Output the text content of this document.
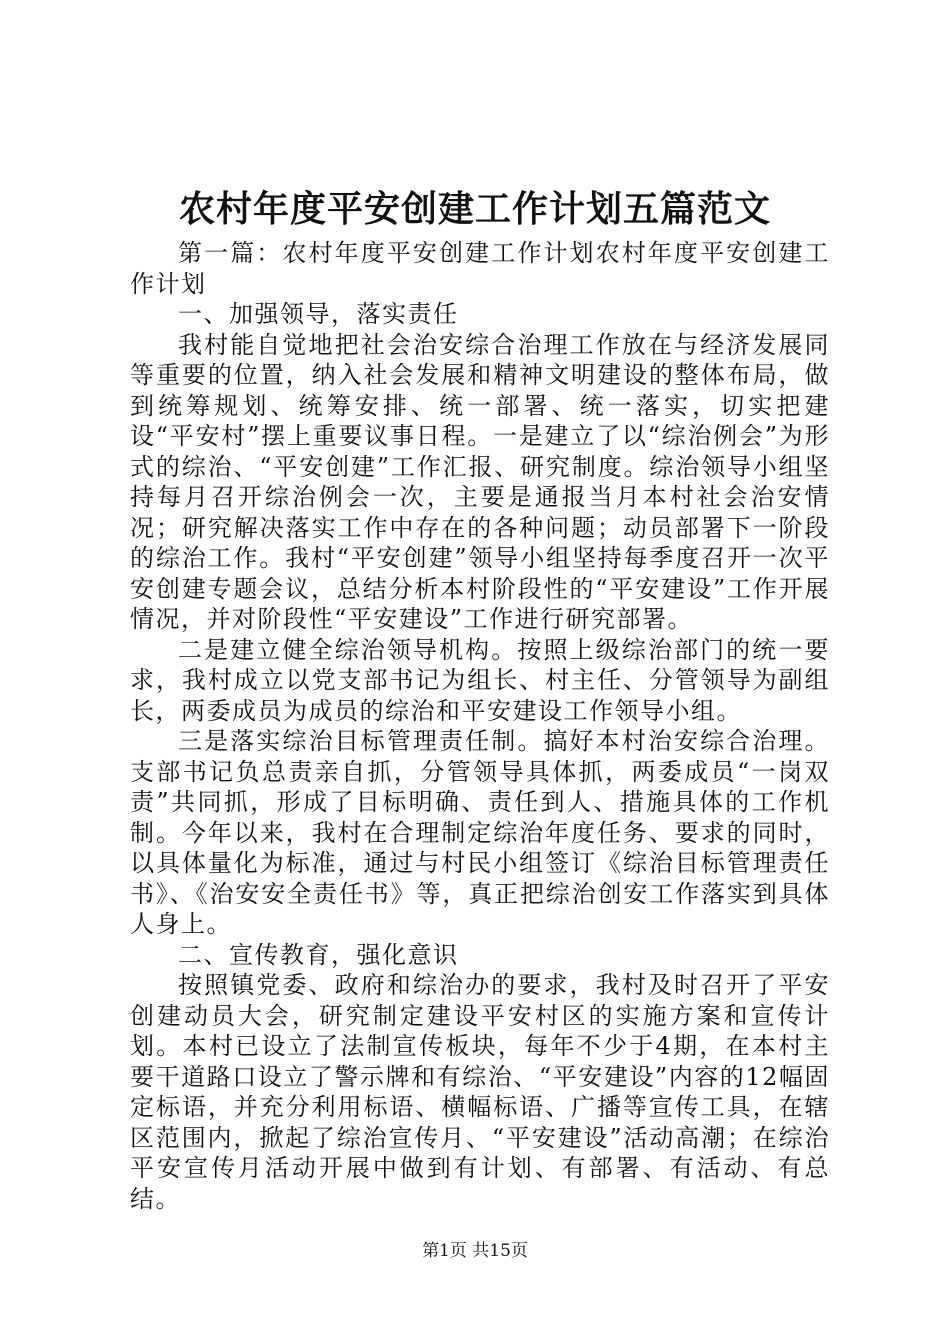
农村年度平安创建工作计划五篇范文

第一篇：农村年度平安创建工作计划农村年度平安创建工作计划

一、加强领导，落实责任

我村能自觉地把社会治安综合治理工作放在与经济发展同等重要的位置，纳入社会发展和精神文明建设的整体布局，做到统筹规划、统筹安排、统一部署、统一落实，切实把建设“平安村”摆上重要议事日程。一是建立了以“综治例会”为形式的综治、“平安创建”工作汇报、研究制度。综治领导小组坚持每月召开综治例会一次，主要是通报当月本村社会治安情况；研究解决落实工作中存在的各种问题；动员部署下一阶段的综治工作。我村“平安创建”领导小组坚持每季度召开一次平安创建专题会议，总结分析本村阶段性的“平安建设”工作开展情况，并对阶段性“平安建设”工作进行研究部署。

二是建立健全综治领导机构。按照上级综治部门的统一要求，我村成立以党支部书记为组长、村主任、分管领导为副组长，两委成员为成员的综治和平安建设工作领导小组。

三是落实综治目标管理责任制。搞好本村治安综合治理。支部书记负总责亲自抓，分管领导具体抓，两委成员“一岗双责”共同抓，形成了目标明确、责任到人、措施具体的工作机制。今年以来，我村在合理制定综治年度任务、要求的同时，以具体量化为标准，通过与村民小组签订《综治目标管理责任书》、《治安安全责任书》等，真正把综治创安工作落实到具体人身上。

二、宣传教育，强化意识

按照镇党委、政府和综治办的要求，我村及时召开了平安创建动员大会，研究制定建设平安村区的实施方案和宣传计划。本村已设立了法制宣传板块，每年不少于4期，在本村主要干道路口设立了警示牌和有综治、“平安建设”内容的12幅固定标语，并充分利用标语、横幅标语、广播等宣传工具，在辖区范围内，掀起了综治宣传月、“平安建设”活动高潮；在综治平安宣传月活动开展中做到有计划、有部署、有活动、有总结。

第1页 共15页
